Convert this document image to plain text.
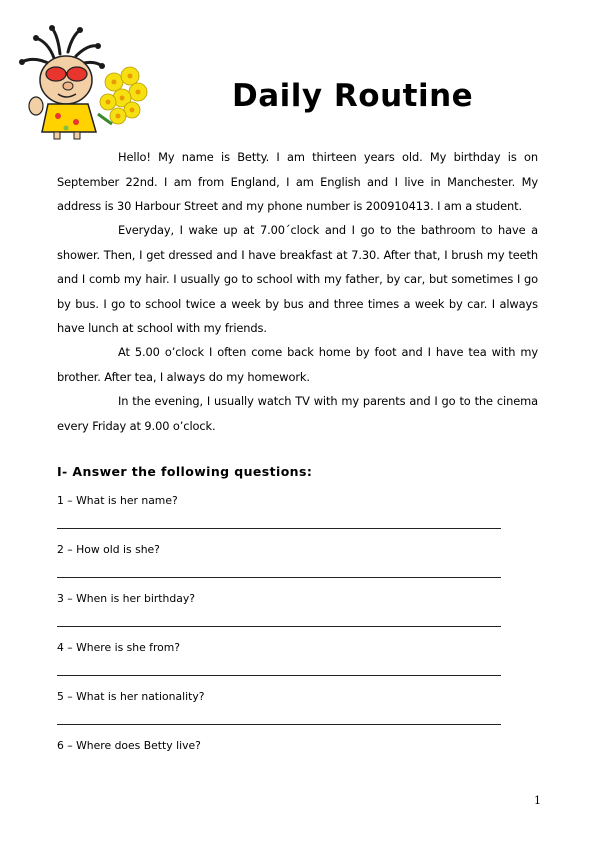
Daily Routine

Hello! My name is Betty. I am thirteen years old. My birthday is on September 22nd. I am from England, I am English and I live in Manchester. My address is 30 Harbour Street and my phone number is 200910413. I am a student.

Everyday, I wake up at 7.00´clock and I go to the bathroom to have a shower. Then, I get dressed and I have breakfast at 7.30. After that, I brush my teeth and I comb my hair. I usually go to school with my father, by car, but sometimes I go by bus. I go to school twice a week by bus and three times a week by car. I always have lunch at school with my friends.

At 5.00 o’clock I often come back home by foot and I have tea with my brother. After tea, I always do my homework.

In the evening, I usually watch TV with my parents and I go to the cinema every Friday at 9.00 o’clock.

I- Answer the following questions:
1 – What is her name?
2 – How old is she?
3 – When is her birthday?
4 – Where is she from?
5 – What is her nationality?
6 – Where does Betty live?
1
